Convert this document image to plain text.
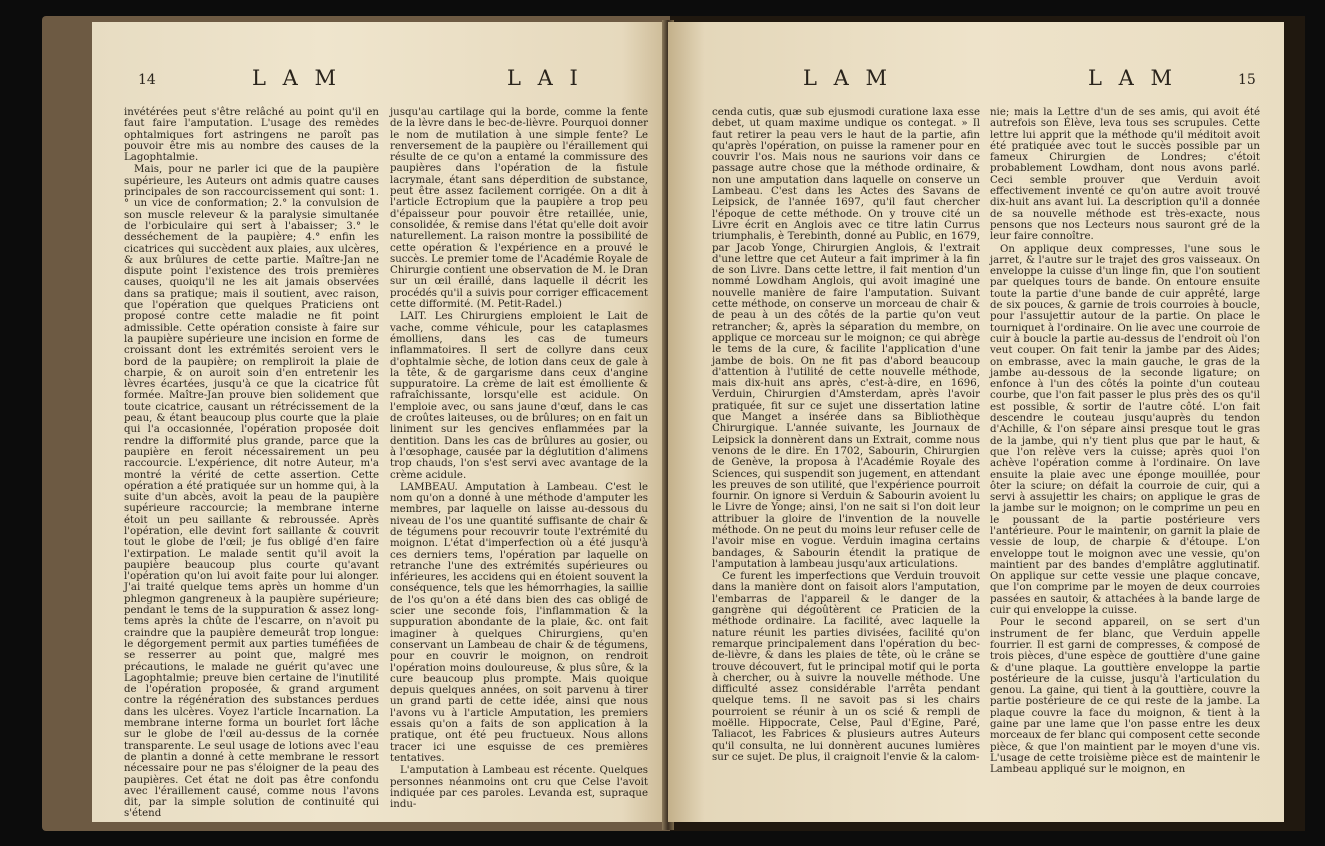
14	L A M	L A I

invétérées peut s'être relâché au point qu'il en faut faire l'amputation. L'usage des remèdes ophtalmiques fort astringens ne paroît pas pouvoir être mis au nombre des causes de la Lagophtalmie.

Mais, pour ne parler ici que de la paupière supérieure, les Auteurs ont admis quatre causes principales de son raccourcissement qui sont: 1.° un vice de conformation; 2.° la convulsion de son muscle releveur & la paralysie simultanée de l'orbiculaire qui sert à l'abaisser; 3.° le desséchement de la paupière; 4.° enfin les cicatrices qui succèdent aux plaies, aux ulcères, & aux brûlures de cette partie. Maître-Jan ne dispute point l'existence des trois premières causes, quoiqu'il ne les ait jamais observées dans sa pratique; mais il soutient, avec raison, que l'opération que quelques Praticiens ont proposé contre cette maladie ne fit point admissible. Cette opération consiste à faire sur la paupière supérieure une incision en forme de croissant dont les extrémités seroient vers le bord de la paupière; on rempliroit la plaie de charpie, & on auroit soin d'en entretenir les lèvres écartées, jusqu'à ce que la cicatrice fût formée. Maître-Jan prouve bien solidement que toute cicatrice, causant un rétrécissement de la peau, & étant beaucoup plus courte que la plaie qui l'a occasionnée, l'opération proposée doit rendre la difformité plus grande, parce que la paupière en feroit nécessairement un peu raccourcie. L'expérience, dit notre Auteur, m'a montré la vérité de cette assertion. Cette opération a été pratiquée sur un homme qui, à la suite d'un abcès, avoit la peau de la paupière supérieure raccourcie; la membrane interne étoit un peu saillante & rebroussée. Après l'opération, elle devint fort saillante & couvrit tout le globe de l'œil; je fus obligé d'en faire l'extirpation. Le malade sentit qu'il avoit la paupière beaucoup plus courte qu'avant l'opération qu'on lui avoit faite pour lui alonger. J'ai traité quelque tems après un homme d'un phlegmon gangreneux à la paupière supérieure; pendant le tems de la suppuration & assez long-tems après la chûte de l'escarre, on n'avoit pu craindre que la paupière demeurât trop longue: le dégorgement permit aux parties tuméfiées de se resserrer au point que, malgré mes précautions, le malade ne guérit qu'avec une Lagophtalmie; preuve bien certaine de l'inutilité de l'opération proposée, & grand argument contre la régénération des substances perdues dans les ulcères. Voyez l'article Incarnation. La membrane interne forma un bourlet fort lâche sur le globe de l'œil au-dessus de la cornée transparente. Le seul usage de lotions avec l'eau de plantin a donné à cette membrane le ressort nécessaire pour ne pas s'éloigner de la peau des paupières. Cet état ne doit pas être confondu avec l'éraillement causé, comme nous l'avons dit, par la simple solution de continuité qui s'étend

jusqu'au cartilage qui la borde, comme la fente de la lèvre dans le bec-de-lièvre. Pourquoi donner le nom de mutilation à une simple fente? Le renversement de la paupière ou l'éraillement qui résulte de ce qu'on a entamé la commissure des paupières dans l'opération de la fistule lacrymale, étant sans déperdition de substance, peut être assez facilement corrigée. On a dit à l'article Ectropium que la paupière a trop peu d'épaisseur pour pouvoir être retaillée, unie, consolidée, & remise dans l'état qu'elle doit avoir naturellement. La raison montre la possibilité de cette opération & l'expérience en a prouvé le succès. Le premier tome de l'Académie Royale de Chirurgie contient une observation de M. le Dran sur un œil éraillé, dans laquelle il décrit les procédés qu'il a suivis pour corriger efficacement cette difformité. (M. Petit-Radel.)

LAIT. Les Chirurgiens emploient le Lait de vache, comme véhicule, pour les cataplasmes émolliens, dans les cas de tumeurs inflammatoires. Il sert de collyre dans ceux d'ophtalmie sèche, de lotion dans ceux de gale à la tête, & de gargarisme dans ceux d'angine suppuratoire. La crème de lait est émolliente & rafraîchissante, lorsqu'elle est acidule. On l'emploie avec, ou sans jaune d'œuf, dans le cas de croûtes laiteuses, ou de brûlures; on en fait un liniment sur les gencives enflammées par la dentition. Dans les cas de brûlures au gosier, ou à l'œsophage, causée par la déglutition d'alimens trop chauds, l'on s'est servi avec avantage de la crème acidule.

LAMBEAU. Amputation à Lambeau. C'est le nom qu'on a donné à une méthode d'amputer les membres, par laquelle on laisse au-dessous du niveau de l'os une quantité suffisante de chair & de tégumens pour recouvrir toute l'extrémité du moignon. L'état d'imperfection où a été jusqu'à ces derniers tems, l'opération par laquelle on retranche l'une des extrémités supérieures ou inférieures, les accidens qui en étoient souvent la conséquence, tels que les hémorrhagies, la saillie de l'os qu'on a été dans bien des cas obligé de scier une seconde fois, l'inflammation & la suppuration abondante de la plaie, &c. ont fait imaginer à quelques Chirurgiens, qu'en conservant un Lambeau de chair & de tégumens, pour en couvrir le moignon, on rendroit l'opération moins douloureuse, & plus sûre, & la cure beaucoup plus prompte. Mais quoique depuis quelques années, on soit parvenu à tirer un grand parti de cette idée, ainsi que nous l'avons vu à l'article Amputation, les premiers essais qu'on a faits de son application à la pratique, ont été peu fructueux. Nous allons tracer ici une esquisse de ces premières tentatives.

L'amputation à Lambeau est récente. Quelques personnes néanmoins ont cru que Celse l'avoit indiquée par ces paroles. Levanda est, supraque indu-

L A M	L A M	15

cenda cutis, quæ sub ejusmodi curatione laxa esse debet, ut quam maxime undique os contegat. » Il faut retirer la peau vers le haut de la partie, afin qu'après l'opération, on puisse la ramener pour en couvrir l'os. Mais nous ne saurions voir dans ce passage autre chose que la méthode ordinaire, & non une amputation dans laquelle on conserve un Lambeau. C'est dans les Actes des Savans de Leipsick, de l'année 1697, qu'il faut chercher l'époque de cette méthode. On y trouve cité un Livre écrit en Anglois avec ce titre latin Currus triumphalis, è Terebinth, donné au Public, en 1679, par Jacob Yonge, Chirurgien Anglois, & l'extrait d'une lettre que cet Auteur a fait imprimer à la fin de son Livre. Dans cette lettre, il fait mention d'un nommé Lowdham Anglois, qui avoit imaginé une nouvelle manière de faire l'amputation. Suivant cette méthode, on conserve un morceau de chair & de peau à un des côtés de la partie qu'on veut retrancher; &, après la séparation du membre, on applique ce morceau sur le moignon; ce qui abrège le tems de la cure, & facilite l'application d'une jambe de bois. On ne fit pas d'abord beaucoup d'attention à l'utilité de cette nouvelle méthode, mais dix-huit ans après, c'est-à-dire, en 1696, Verduin, Chirurgien d'Amsterdam, après l'avoir pratiquée, fit sur ce sujet une dissertation latine que Manget a insérée dans sa Bibliothèque Chirurgique. L'année suivante, les Journaux de Leipsick la donnèrent dans un Extrait, comme nous venons de le dire. En 1702, Sabourin, Chirurgien de Genève, la proposa à l'Académie Royale des Sciences, qui suspendit son jugement, en attendant les preuves de son utilité, que l'expérience pourroit fournir. On ignore si Verduin & Sabourin avoient lu le Livre de Yonge; ainsi, l'on ne sait si l'on doit leur attribuer la gloire de l'invention de la nouvelle méthode. On ne peut du moins leur refuser celle de l'avoir mise en vogue. Verduin imagina certains bandages, & Sabourin étendit la pratique de l'amputation à lambeau jusqu'aux articulations.

Ce furent les imperfections que Verduin trouvoit dans la manière dont on faisoit alors l'amputation, l'embarras de l'appareil & le danger de la gangrène qui dégoûtèrent ce Praticien de la méthode ordinaire. La facilité, avec laquelle la nature réunit les parties divisées, facilité qu'on remarque principalement dans l'opération du bec-de-lièvre, & dans les plaies de tête, où le crâne se trouve découvert, fut le principal motif qui le porta à chercher, ou à suivre la nouvelle méthode. Une difficulté assez considérable l'arrêta pendant quelque tems. Il ne savoit pas si les chairs pourroient se réunir à un os scié & rempli de moëlle. Hippocrate, Celse, Paul d'Egine, Paré, Taliacot, les Fabrices & plusieurs autres Auteurs qu'il consulta, ne lui donnèrent aucunes lumières sur ce sujet. De plus, il craignoit l'envie & la calom-

nie; mais la Lettre d'un de ses amis, qui avoit été autrefois son Élève, leva tous ses scrupules. Cette lettre lui apprit que la méthode qu'il méditoit avoit été pratiquée avec tout le succès possible par un fameux Chirurgien de Londres; c'étoit probablement Lowdham, dont nous avons parlé. Ceci semble prouver que Verduin avoit effectivement inventé ce qu'on autre avoit trouvé dix-huit ans avant lui. La description qu'il a donnée de sa nouvelle méthode est très-exacte, nous pensons que nos Lecteurs nous sauront gré de la leur faire connoître.

On applique deux compresses, l'une sous le jarret, & l'autre sur le trajet des gros vaisseaux. On enveloppe la cuisse d'un linge fin, que l'on soutient par quelques tours de bande. On entoure ensuite toute la partie d'une bande de cuir apprêté, large de six pouces, & garnie de trois courroies à boucle, pour l'assujettir autour de la partie. On place le tourniquet à l'ordinaire. On lie avec une courroie de cuir à boucle la partie au-dessus de l'endroit où l'on veut couper. On fait tenir la jambe par des Aides; on embrasse, avec la main gauche, le gras de la jambe au-dessous de la seconde ligature; on enfonce à l'un des côtés la pointe d'un couteau courbe, que l'on fait passer le plus près des os qu'il est possible, & sortir de l'autre côté. L'on fait descendre le couteau jusqu'auprès du tendon d'Achille, & l'on sépare ainsi presque tout le gras de la jambe, qui n'y tient plus que par le haut, & que l'on relève vers la cuisse; après quoi l'on achève l'opération comme à l'ordinaire. On lave ensuite la plaie avec une éponge mouillée, pour ôter la sciure; on défait la courroie de cuir, qui a servi à assujettir les chairs; on applique le gras de la jambe sur le moignon; on le comprime un peu en le poussant de la partie postérieure vers l'antérieure. Pour le maintenir, on garnit la plaie de vessie de loup, de charpie & d'étoupe. L'on enveloppe tout le moignon avec une vessie, qu'on maintient par des bandes d'emplâtre agglutinatif. On applique sur cette vessie une plaque concave, que l'on comprime par le moyen de deux courroies passées en sautoir, & attachées à la bande large de cuir qui enveloppe la cuisse.

Pour le second appareil, on se sert d'un instrument de fer blanc, que Verduin appelle fourrier. Il est garni de compresses, & composé de trois pièces, d'une espèce de gouttière d'une gaine & d'une plaque. La gouttière enveloppe la partie postérieure de la cuisse, jusqu'à l'articulation du genou. La gaine, qui tient à la gouttière, couvre la partie postérieure de ce qui reste de la jambe. La plaque couvre la face du moignon, & tient à la gaine par une lame que l'on passe entre les deux morceaux de fer blanc qui composent cette seconde pièce, & que l'on maintient par le moyen d'une vis. L'usage de cette troisième pièce est de maintenir le Lambeau appliqué sur le moignon, en
